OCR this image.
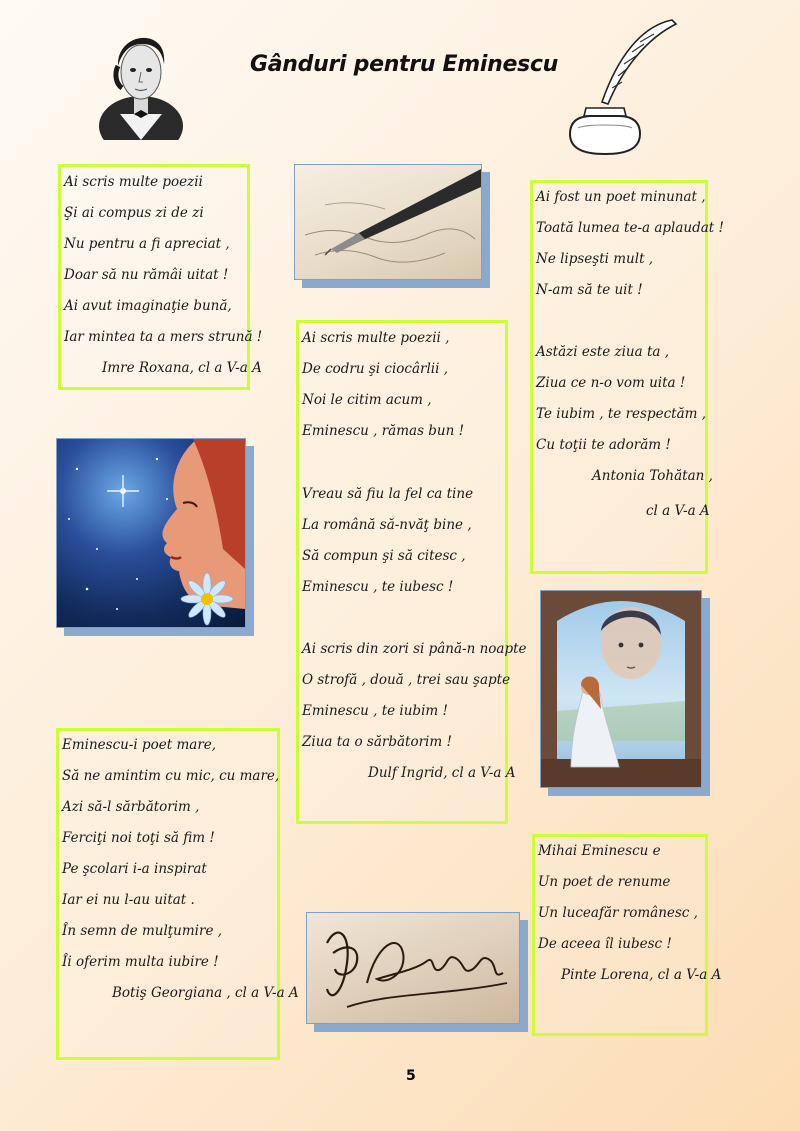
Gânduri pentru Eminescu
Ai scris multe poezii
Şi ai compus zi de zi
Nu pentru a fi apreciat ,
Doar să nu rămâi uitat !
Ai avut imaginaţie bună,
Iar mintea ta a mers strună !
Imre Roxana, cl a V-a A
Ai fost un poet minunat ,
Toată lumea te-a aplaudat !
Ne lipseşti mult ,
N-am să te uit !
Astăzi este ziua ta ,
Ziua ce n-o vom uita !
Te iubim , te respectăm ,
Cu toţii te adorăm !
Antonia Tohătan ,
cl a V-a A
Ai scris multe poezii ,
De codru şi ciocârlii ,
Noi le citim acum ,
Eminescu , rămas bun !
Vreau să fiu la fel ca tine
La română să-nvăţ bine ,
Să compun şi să citesc ,
Eminescu , te iubesc !
Ai scris din zori si până-n noapte
O strofă , două , trei sau şapte
Eminescu , te iubim !
Ziua ta o sărbătorim !
Dulf Ingrid, cl a V-a A
Eminescu-i poet mare,
Să ne amintim cu mic, cu mare,
Azi să-l sărbătorim ,
Ferciţi noi toţi să fim !
Pe şcolari i-a inspirat
Iar ei nu l-au uitat .
În semn de mulţumire ,
Îi oferim multa iubire !
Botiş Georgiana , cl a V-a A
Mihai Eminescu e
Un poet de renume
Un luceafăr românesc ,
De aceea îl iubesc !
Pinte Lorena, cl a V-a A
5
